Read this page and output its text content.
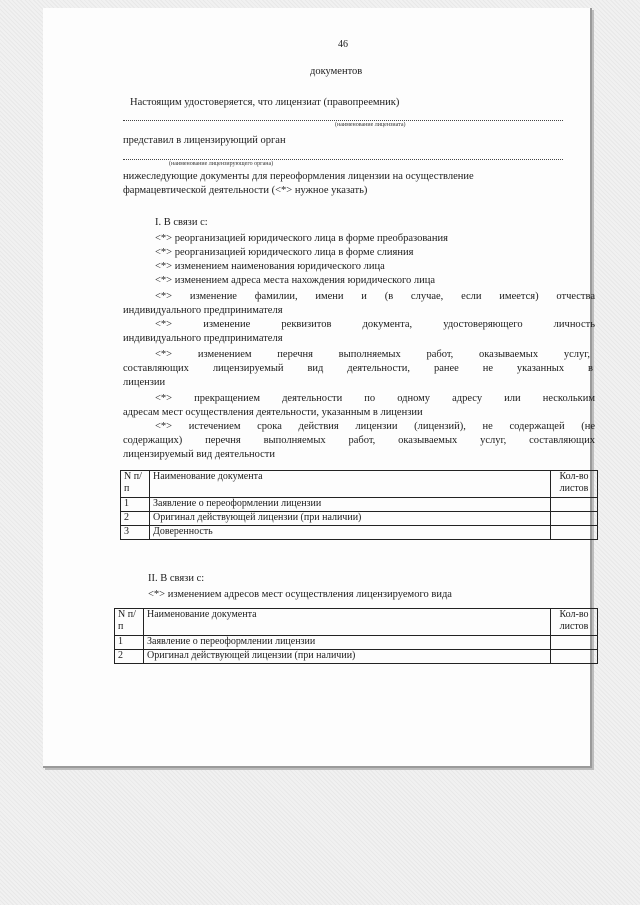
46
документов
Настоящим удостоверяется, что лицензиат (правопреемник)
(наименование лицензиата)
представил в лицензирующий орган
(наименование лицензирующего органа)
нижеследующие документы для переоформления лицензии на осуществление
фармацевтической деятельности (<*> нужное указать)
I. В связи с:
<*> реорганизацией юридического лица в форме преобразования
<*> реорганизацией юридического лица в форме слияния
<*> изменением наименования юридического лица
<*> изменением адреса места нахождения юридического лица
<*> изменение фамилии, имени и (в случае, если имеется) отчества
индивидуального предпринимателя
<*> изменение реквизитов документа, удостоверяющего личность
индивидуального предпринимателя
<*> изменением перечня выполняемых работ, оказываемых услуг,
составляющих лицензируемый вид деятельности, ранее не указанных в
лицензии
<*> прекращением деятельности по одному адресу или нескольким
адресам мест осуществления деятельности, указанным в лицензии
<*> истечением срока действия лицензии (лицензий), не содержащей (не
содержащих) перечня выполняемых работ, оказываемых услуг, составляющих
лицензируемый вид деятельности
N п/п	Наименование документа	Кол-во листов
1	Заявление о переоформлении лицензии	
2	Оригинал действующей лицензии (при наличии)	
3	Доверенность	
II. В связи с:
<*> изменением адресов мест осуществления лицензируемого вида
N п/п	Наименование документа	Кол-во листов
1	Заявление о переоформлении лицензии	
2	Оригинал действующей лицензии (при наличии)	
